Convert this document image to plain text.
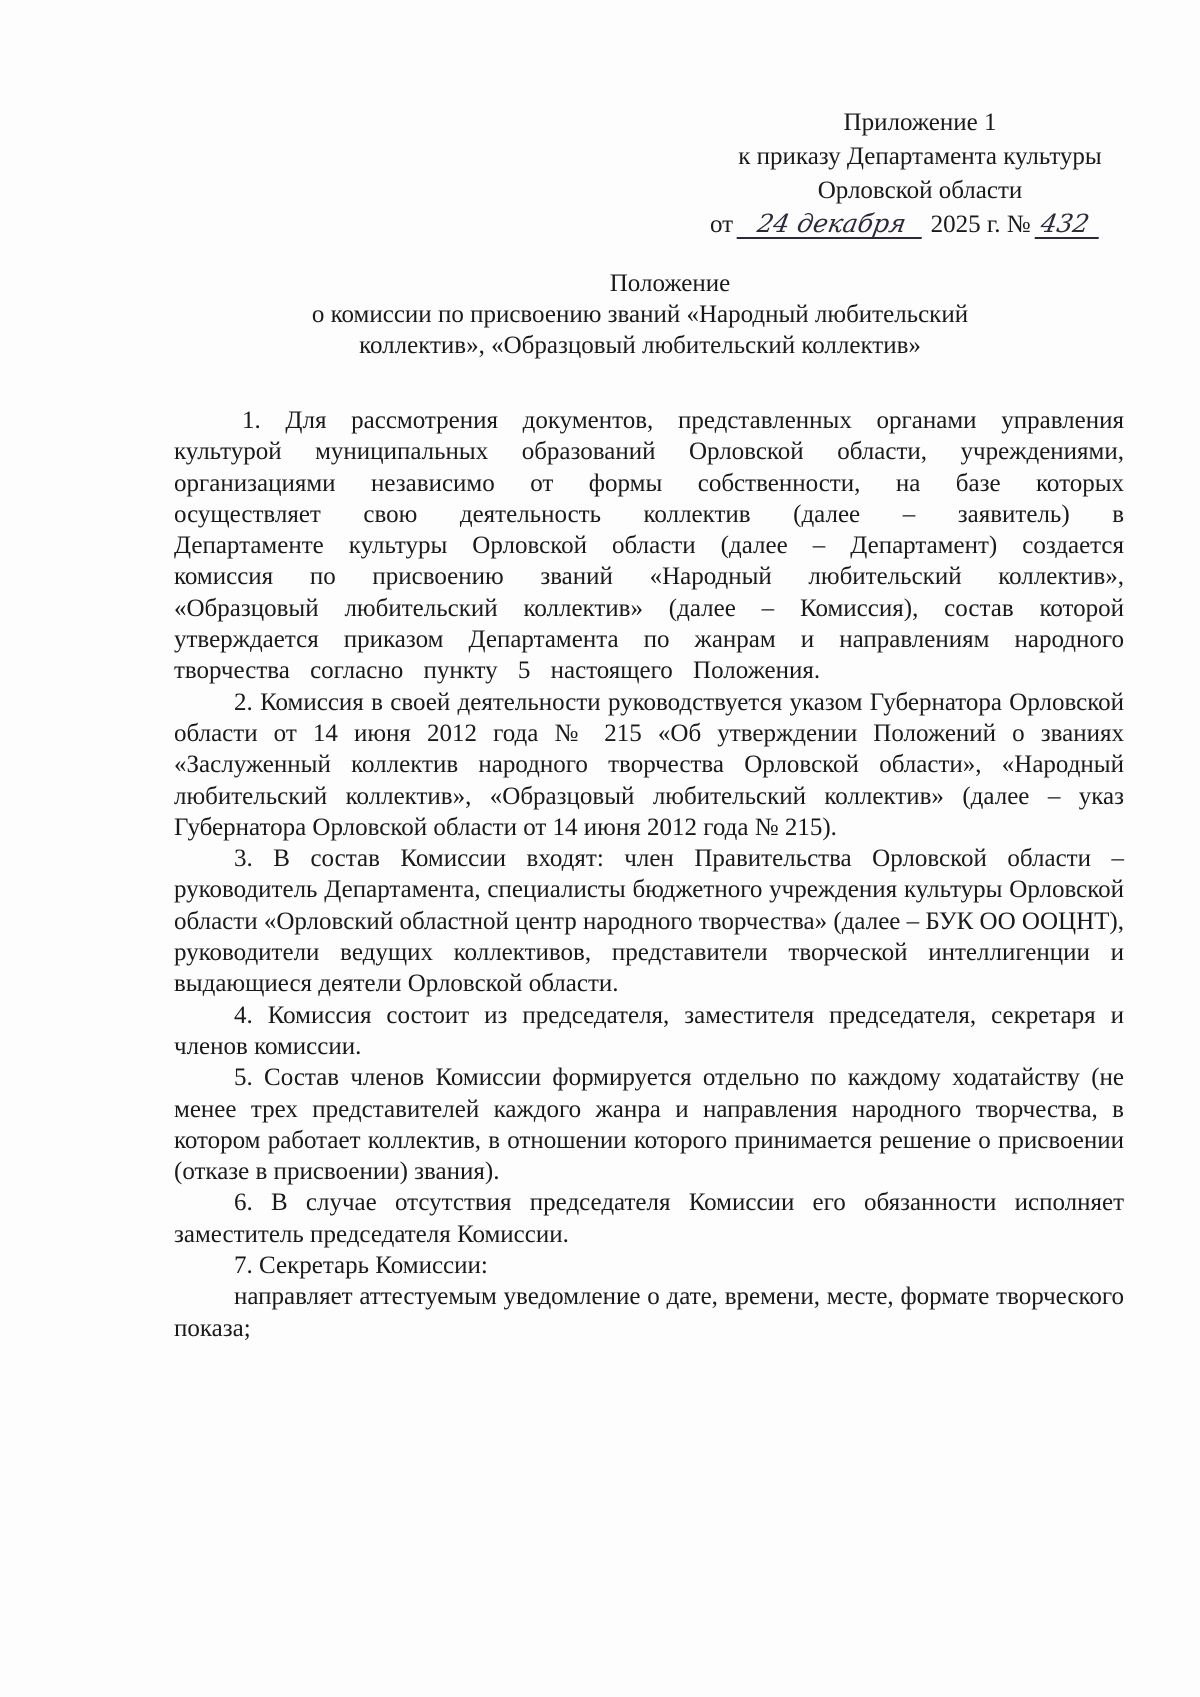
Приложение 1
к приказу Департамента культуры
Орловской области
от 24 декабря 2025 г. № 432
Положение
о комиссии по присвоению званий «Народный любительский
коллектив», «Образцовый любительский коллектив»

1. Для рассмотрения документов, представленных органами управления культурой муниципальных образований Орловской области, учреждениями, организациями независимо от формы собственности, на базе которых осуществляет свою деятельность коллектив (далее – заявитель) в Департаменте культуры Орловской области (далее – Департамент) создается комиссия по присвоению званий «Народный любительский коллектив», «Образцовый любительский коллектив» (далее – Комиссия), состав которой утверждается приказом Департамента по жанрам и направлениям народного творчества согласно пункту 5 настоящего Положения.

2. Комиссия в своей деятельности руководствуется указом Губернатора Орловской области от 14 июня 2012 года № 215 «Об утверждении Положений о званиях «Заслуженный коллектив народного творчества Орловской области», «Народный любительский коллектив», «Образцовый любительский коллектив» (далее – указ Губернатора Орловской области от 14 июня 2012 года № 215).

3. В состав Комиссии входят: член Правительства Орловской области – руководитель Департамента, специалисты бюджетного учреждения культуры Орловской области «Орловский областной центр народного творчества» (далее – БУК ОО ООЦНТ), руководители ведущих коллективов, представители творческой интеллигенции и выдающиеся деятели Орловской области.

4. Комиссия состоит из председателя, заместителя председателя, секретаря и членов комиссии.

5. Состав членов Комиссии формируется отдельно по каждому ходатайству (не менее трех представителей каждого жанра и направления народного творчества, в котором работает коллектив, в отношении которого принимается решение о присвоении (отказе в присвоении) звания).

6. В случае отсутствия председателя Комиссии его обязанности исполняет заместитель председателя Комиссии.

7. Секретарь Комиссии:

направляет аттестуемым уведомление о дате, времени, месте, формате творческого показа;
